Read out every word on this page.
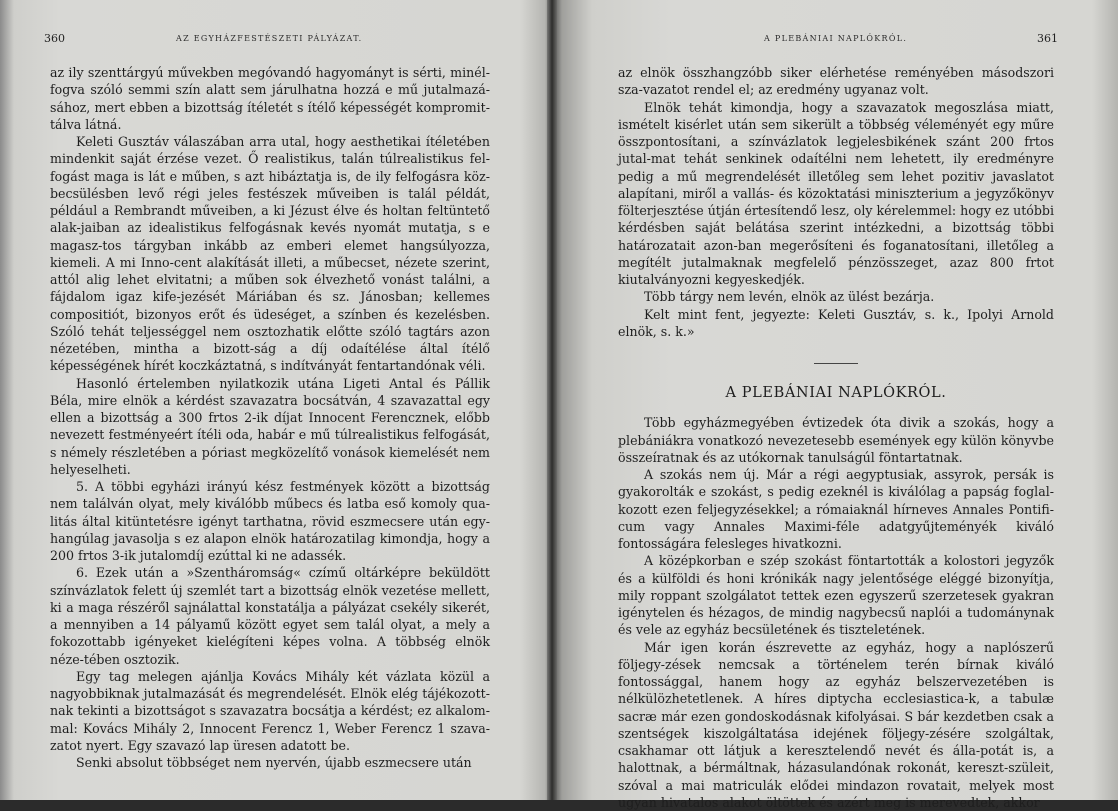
360	AZ EGYHÁZFESTÉSZETI PÁLYÁZAT.

az ily szenttárgyú művekben megóvandó hagyományt is sérti, minél-fogva szóló semmi szín alatt sem járulhatna hozzá e mű jutalmazá-sához, mert ebben a bizottság ítéletét s ítélő képességét kompromit-tálva látná.

Keleti Gusztáv válaszában arra utal, hogy aesthetikai ítéletében mindenkit saját érzése vezet. Ő realistikus, talán túlrealistikus fel-fogást maga is lát e műben, s azt hibáztatja is, de ily felfogásra köz-becsülésben levő régi jeles festészek műveiben is talál példát, például a Rembrandt műveiben, a ki Jézust élve és holtan feltüntető alak-jaiban az idealistikus felfogásnak kevés nyomát mutatja, s e magasz-tos tárgyban inkább az emberi elemet hangsúlyozza, kiemeli. A mi Inno-cent alakítását illeti, a műbecset, nézete szerint, attól alig lehet elvitatni; a műben sok élvezhető vonást találni, a fájdalom igaz kife-jezését Máriában és sz. Jánosban; kellemes compositiót, bizonyos erőt és üdeséget, a színben és kezelésben. Szóló tehát teljességgel nem osztozhatik előtte szóló tagtárs azon nézetében, mintha a bizott-ság a díj odaítélése által ítélő képességének hírét koczkáztatná, s indítványát fentartandónak véli.

Hasonló értelemben nyilatkozik utána Ligeti Antal és Pállik Béla, mire elnök a kérdést szavazatra bocsátván, 4 szavazattal egy ellen a bizottság a 300 frtos 2-ik díjat Innocent Ferencznek, előbb nevezett festményeért ítéli oda, habár e mű túlrealistikus felfogását, s némely részletében a póriast megközelítő vonások kiemelését nem helyeselheti.

5. A többi egyházi irányú kész festmények között a bizottság nem találván olyat, mely kiválóbb műbecs és latba eső komoly qua-litás által kitüntetésre igényt tarthatna, rövid eszmecsere után egy-hangúlag javasolja s ez alapon elnök határozatilag kimondja, hogy a 200 frtos 3-ik jutalomdíj ezúttal ki ne adassék.

6. Ezek után a »Szentháromság« czímű oltárképre beküldött színvázlatok felett új szemlét tart a bizottság elnök vezetése mellett, ki a maga részéről sajnálattal konstatálja a pályázat csekély sikerét, a mennyiben a 14 pályamű között egyet sem talál olyat, a mely a fokozottabb igényeket kielégíteni képes volna. A többség elnök néze-tében osztozik.

Egy tag melegen ajánlja Kovács Mihály két vázlata közül a nagyobbiknak jutalmazását és megrendelését. Elnök elég tájékozott-nak tekinti a bizottságot s szavazatra bocsátja a kérdést; ez alkalom-mal: Kovács Mihály 2, Innocent Ferencz 1, Weber Ferencz 1 szava-zatot nyert. Egy szavazó lap üresen adatott be.

Senki absolut többséget nem nyervén, újabb eszmecsere után

A PLEBÁNIAI NAPLÓKRÓL.	361

az elnök összhangzóbb siker elérhetése reményében másodszori sza-vazatot rendel el; az eredmény ugyanaz volt.

Elnök tehát kimondja, hogy a szavazatok megoszlása miatt, ismételt kisérlet után sem sikerült a többség véleményét egy műre összpontosítani, a színvázlatok legjelesbikének szánt 200 frtos jutal-mat tehát senkinek odaítélni nem lehetett, ily eredményre pedig a mű megrendelését illetőleg sem lehet pozitiv javaslatot alapítani, miről a vallás- és közoktatási miniszterium a jegyzőkönyv fölterjesztése útján értesítendő lesz, oly kérelemmel: hogy ez utóbbi kérdésben saját belátása szerint intézkedni, a bizottság többi határozatait azon-ban megerősíteni és foganatosítani, illetőleg a megítélt jutalmaknak megfelelő pénzösszeget, azaz 800 frtot kiutalványozni kegyeskedjék.

Több tárgy nem levén, elnök az ülést bezárja.

Kelt mint fent, jegyezte: Keleti Gusztáv, s. k., Ipolyi Arnold elnök, s. k.»

A PLEBÁNIAI NAPLÓKRÓL.

Több egyházmegyében évtizedek óta divik a szokás, hogy a plebániákra vonatkozó nevezetesebb események egy külön könyvbe összeíratnak és az utókornak tanulságúl föntartatnak.

A szokás nem új. Már a régi aegyptusiak, assyrok, persák is gyakorolták e szokást, s pedig ezeknél is kiválólag a papság foglal-kozott ezen feljegyzésekkel; a rómaiaknál hírneves Annales Pontifi-cum vagy Annales Maximi-féle adatgyűjteményék kiváló fontosságára felesleges hivatkozni.

A középkorban e szép szokást föntartották a kolostori jegyzők és a külföldi és honi krónikák nagy jelentősége eléggé bizonyítja, mily roppant szolgálatot tettek ezen egyszerű szerzetesek gyakran igénytelen és hézagos, de mindig nagybecsű naplói a tudománynak és vele az egyház becsületének és tiszteletének.

Már igen korán észrevette az egyház, hogy a naplószerű följegy-zések nemcsak a történelem terén bírnak kiváló fontossággal, hanem hogy az egyház belszervezetében is nélkülözhetetlenek. A híres diptycha ecclesiastica-k, a tabulæ sacræ már ezen gondoskodásnak kifolyásai. S bár kezdetben csak a szentségek kiszolgáltatása idejének följegy-zésére szolgáltak, csakhamar ott látjuk a keresztelendő nevét és álla-potát is, a halottnak, a bérmáltnak, házasulandónak rokonát, kereszt-szüleit, szóval a mai matriculák elődei mindazon rovatait, melyek most ugyan hivatalos alakot öltöttek és azért meg is merevedtek, akkor
